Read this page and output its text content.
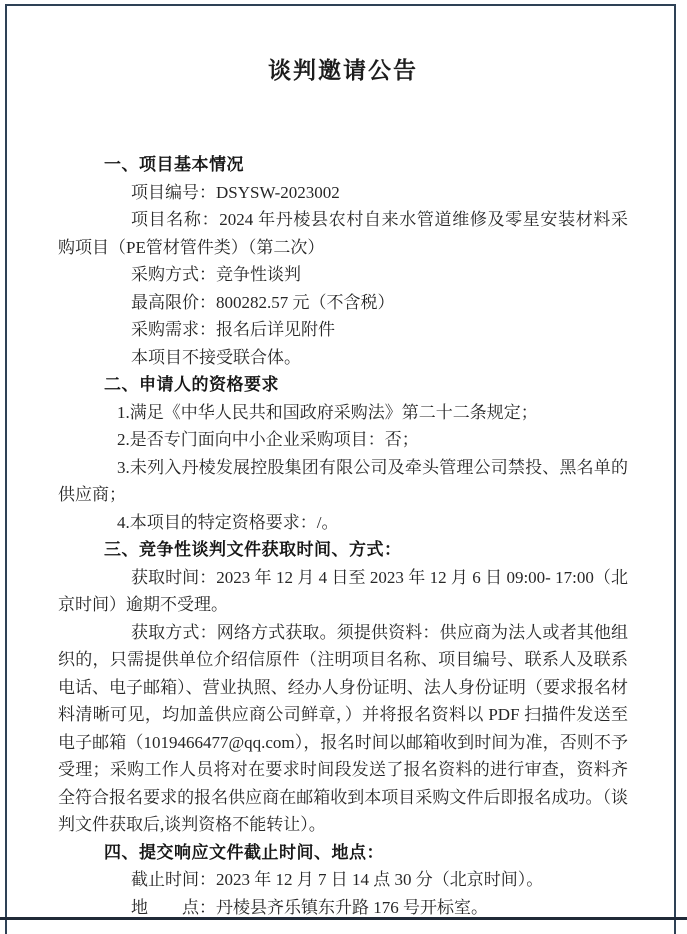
谈判邀请公告

一、项目基本情况

项目编号：DSYSW-2023002

项目名称：2024 年丹棱县农村自来水管道维修及零星安装材料采购项目（PE管材管件类）（第二次）

采购方式：竞争性谈判

最高限价：800282.57 元（不含税）

采购需求：报名后详见附件

本项目不接受联合体。

二、申请人的资格要求

1.满足《中华人民共和国政府采购法》第二十二条规定；

2.是否专门面向中小企业采购项目：否；

3.未列入丹棱发展控股集团有限公司及牵头管理公司禁投、黑名单的供应商；

4.本项目的特定资格要求：/。

三、竞争性谈判文件获取时间、方式：

获取时间：2023 年 12 月 4 日至 2023 年 12 月 6 日 09:00- 17:00（北京时间）逾期不受理。

获取方式：网络方式获取。须提供资料：供应商为法人或者其他组织的，只需提供单位介绍信原件（注明项目名称、项目编号、联系人及联系电话、电子邮箱）、营业执照、经办人身份证明、法人身份证明（要求报名材料清晰可见，均加盖供应商公司鲜章，）并将报名资料以 PDF 扫描件发送至电子邮箱（1019466477@qq.com），报名时间以邮箱收到时间为准，否则不予受理；采购工作人员将对在要求时间段发送了报名资料的进行审查，资料齐全符合报名要求的报名供应商在邮箱收到本项目采购文件后即报名成功。（谈判文件获取后,谈判资格不能转让）。

四、提交响应文件截止时间、地点：

截止时间：2023 年 12 月 7 日 14 点 30 分（北京时间）。

地　　点：丹棱县齐乐镇东升路 176 号开标室。
